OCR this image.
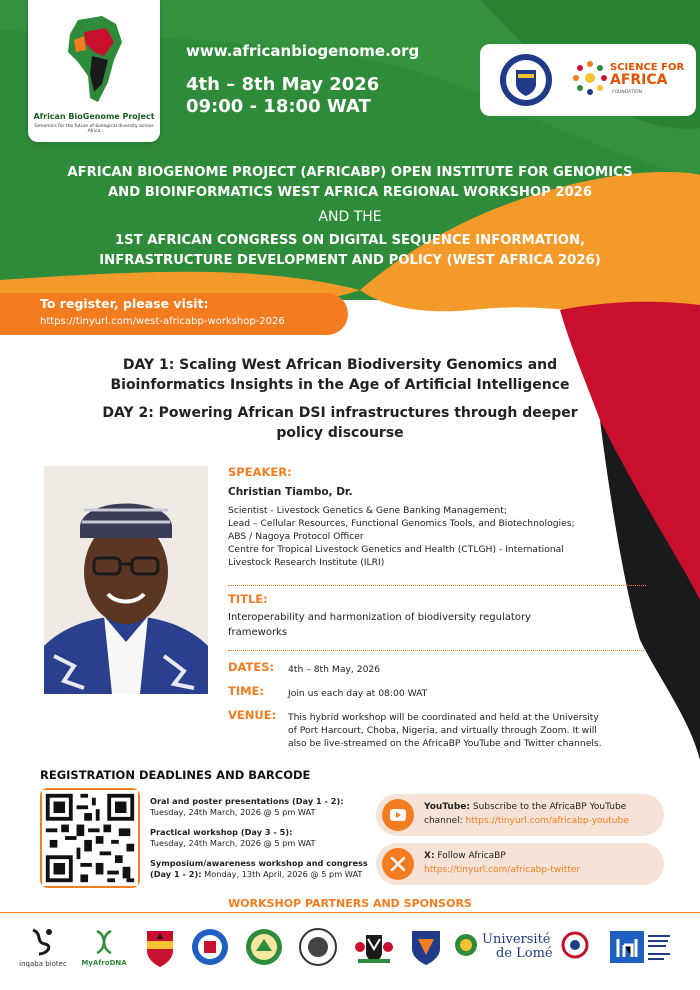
African BioGenome Project
Genomics for the future of biological diversity across Africa
www.africanbiogenome.org
4th – 8th May 2026
09:00 - 18:00 WAT
SCIENCE FOR
AFRICA
FOUNDATION
AFRICAN BIOGENOME PROJECT (AFRICABP) OPEN INSTITUTE FOR GENOMICS
AND BIOINFORMATICS WEST AFRICA REGIONAL WORKSHOP 2026
AND THE
1ST AFRICAN CONGRESS ON DIGITAL SEQUENCE INFORMATION,
INFRASTRUCTURE DEVELOPMENT AND POLICY (WEST AFRICA 2026)
To register, please visit:
https://tinyurl.com/west-africabp-workshop-2026
DAY 1: Scaling West African Biodiversity Genomics and
Bioinformatics Insights in the Age of Artificial Intelligence
DAY 2: Powering African DSI infrastructures through deeper
policy discourse
SPEAKER:
Christian Tiambo, Dr.
Scientist - Livestock Genetics & Gene Banking Management;
Lead – Cellular Resources, Functional Genomics Tools, and Biotechnologies;
ABS / Nagoya Protocol Officer
Centre for Tropical Livestock Genetics and Health (CTLGH) - International
Livestock Research Institute (ILRI)
TITLE:
Interoperability and harmonization of biodiversity regulatory
frameworks
DATES: 4th – 8th May, 2026
TIME:	Join us each day at 08:00 WAT
VENUE: This hybrid workshop will be coordinated and held at the University
of Port Harcourt, Choba, Nigeria, and virtually through Zoom. It will
also be live-streamed on the AfricaBP YouTube and Twitter channels.
REGISTRATION DEADLINES AND BARCODE
Oral and poster presentations (Day 1 - 2):
Tuesday, 24th March, 2026 @ 5 pm WAT
Practical workshop (Day 3 - 5):
Tuesday, 24th March, 2026 @ 5 pm WAT
Symposium/awareness workshop and congress
(Day 1 - 2): Monday, 13th April, 2026 @ 5 pm WAT
YouTube: Subscribe to the AfricaBP YouTube
channel: https://tinyurl.com/africabp-youtube
X: Follow AfricaBP
https://tinyurl.com/africabp-twitter
WORKSHOP PARTNERS AND SPONSORS
inqaba biotec MyAfroDNA
Université
de Lomé
